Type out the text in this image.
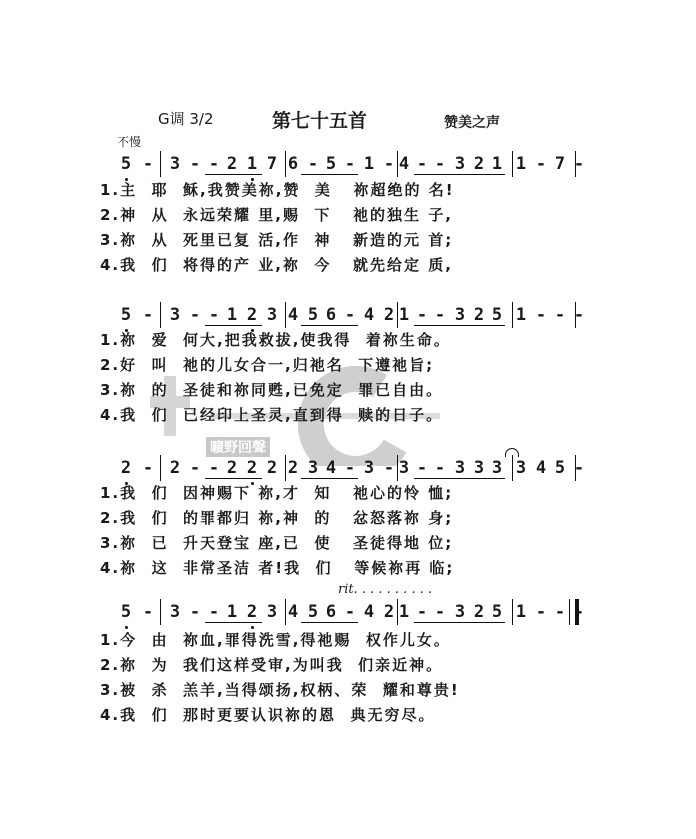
G调 3/2	第七十五首	赞美之声
不慢
曠野回聲
5 - 3 - - 2 1 7 6 - 5 - 1 - 4 - - 3 2 1 1 - 7 -
1.主  耶  稣,我赞美祢,赞  美   祢超绝的 名!
2.神  从  永远荣耀 里,赐  下   祂的独生 子,
3.祢  从  死里已复 活,作  神   新造的元 首;
4.我  们  将得的产 业,祢  今   就先给定 质,
5 - 3 - - 1 2 3 4 5 6 - 4 2 1 - - 3 2 5 1 - - -
1.祢  爱  何大,把我救拔,使我得  着祢生命。
2.好  叫  祂的儿女合一,归祂名  下遵祂旨;
3.祢  的  圣徒和祢同甦,已免定  罪已自由。
4.我  们  已经印上圣灵,直到得  赎的日子。
2 - 2 - - 2 2 2 2 3 4 - 3 - 3 - - 3 3 3 3 4 5 -
1.我  们  因神赐下 祢,才  知   祂心的怜 恤;
2.我  们  的罪都归 祢,神  的   忿怒落祢 身;
3.祢  已  升天登宝 座,已  使   圣徒得地 位;
4.祢  这  非常圣洁 者!我  们   等候祢再 临;
rit. . . . . . . . . .
5 - 3 - - 1 2 3 4 5 6 - 4 2 1 - - 3 2 5 1 - - -
1.今  由  祢血,罪得洗雪,得祂赐  权作儿女。
2.祢  为  我们这样受审,为叫我  们亲近神。
3.被  杀  羔羊,当得颂扬,权柄、荣  耀和尊贵!
4.我  们  那时更要认识祢的恩  典无穷尽。
